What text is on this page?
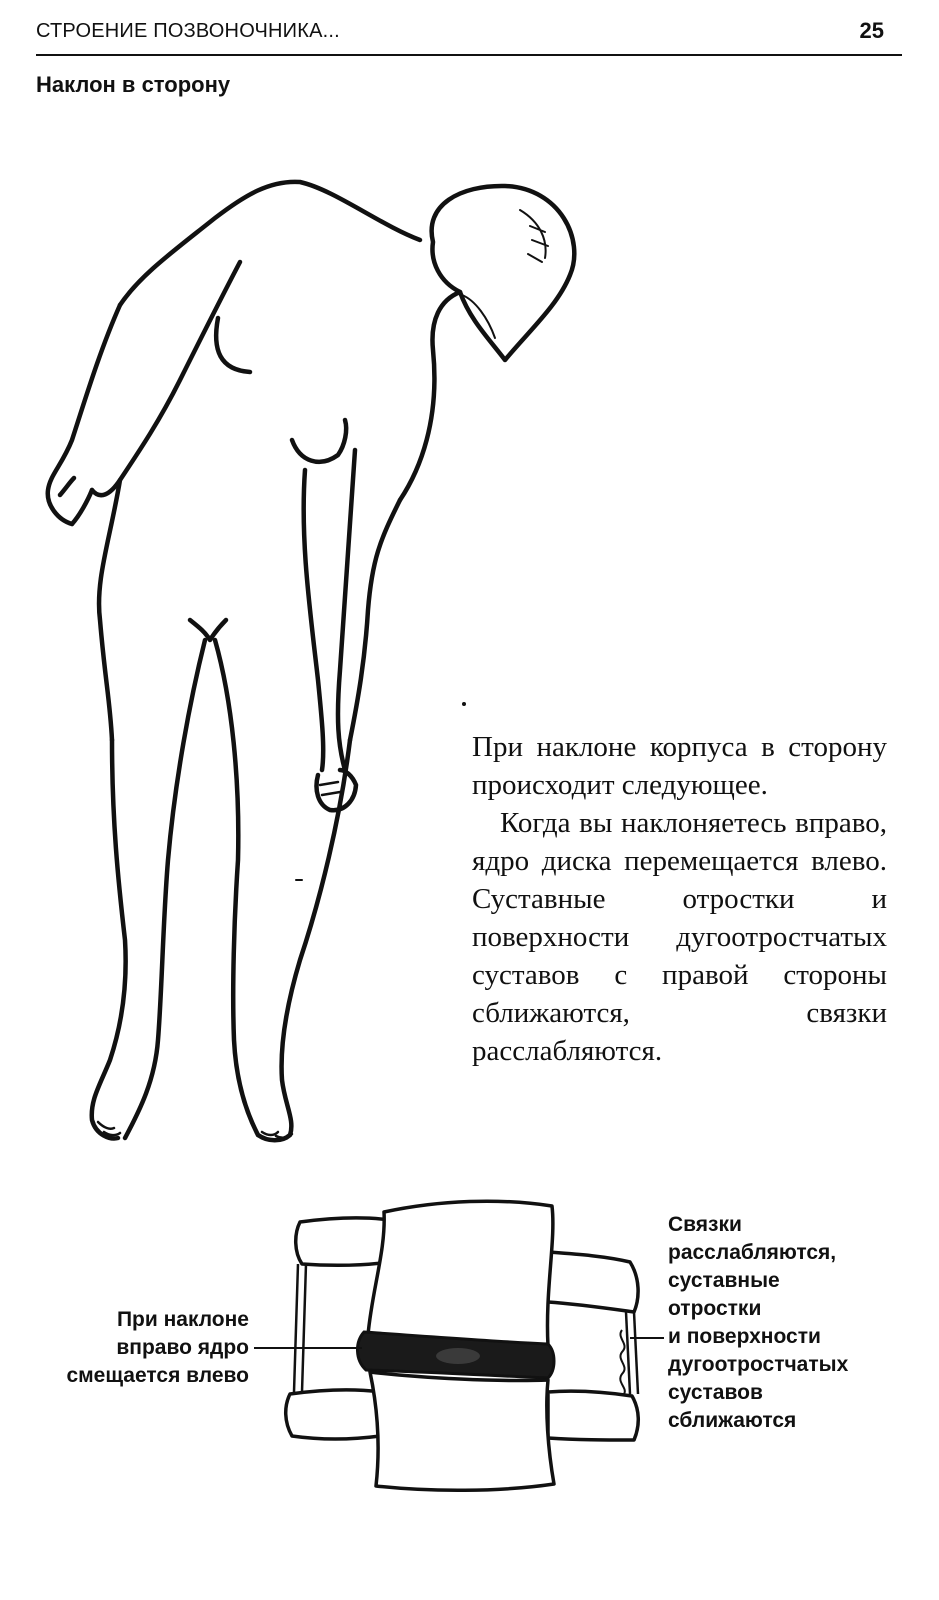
СТРОЕНИЕ ПОЗВОНОЧНИКА...	25
Наклон в сторону

При наклоне корпуса в сторону происходит следующее.

Когда вы наклоняетесь вправо, ядро диска перемещается влево. Суставные отростки и поверхности дугоотростчатых суставов с правой стороны сближаются, связки расслабляются.

При наклоне
вправо ядро
смещается влево
Связки
расслабляются,
суставные
отростки
и поверхности
дугоотростчатых
суставов
сближаются
